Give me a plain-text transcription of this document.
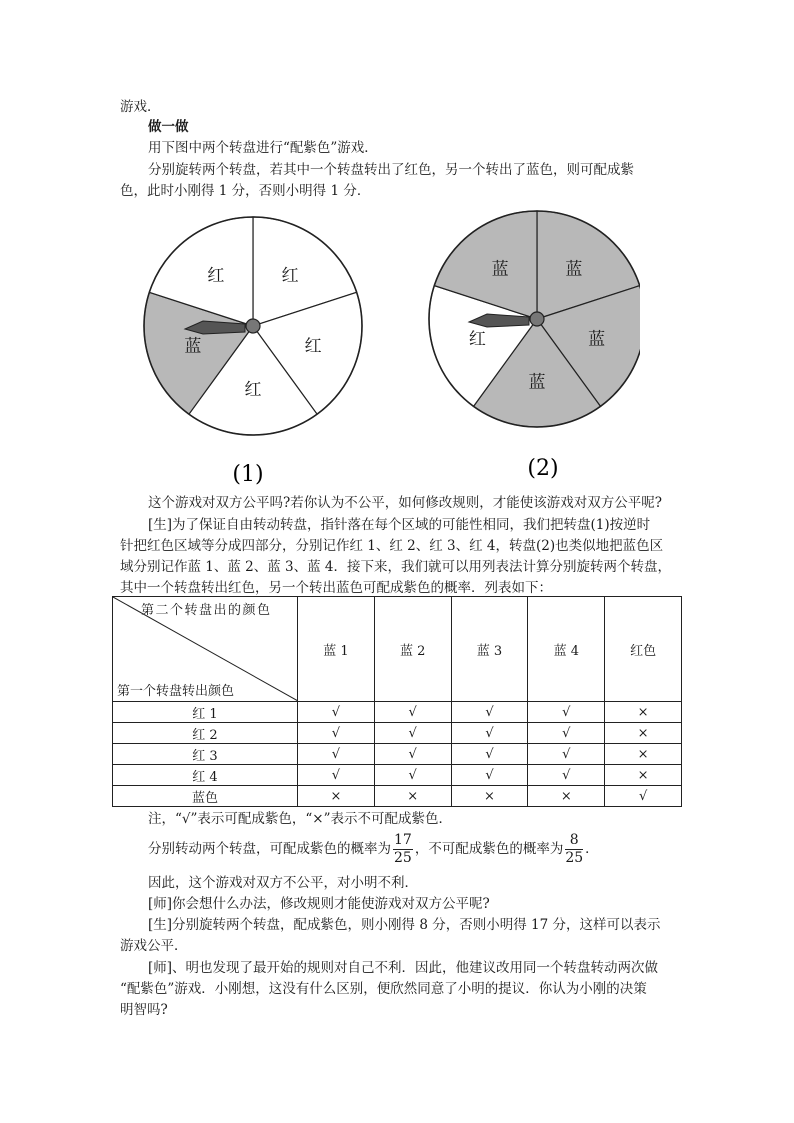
游戏．
做一做
用下图中两个转盘进行“配紫色”游戏．
分别旋转两个转盘，若其中一个转盘转出了红色，另一个转出了蓝色，则可配成紫
色，此时小刚得 1 分，否则小明得 1 分．
红
红
红
蓝
红	蓝
蓝
蓝
红
蓝
(1)	(2)
这个游戏对双方公平吗?若你认为不公平，如何修改规则，才能使该游戏对双方公平呢?
[生]为了保证自由转动转盘，指针落在每个区域的可能性相同，我们把转盘(1)按逆时
针把红色区域等分成四部分，分别记作红 1、红 2、红 3、红 4，转盘(2)也类似地把蓝色区
域分别记作蓝 1、蓝 2、蓝 3、蓝 4．接下来，我们就可以用列表法计算分别旋转两个转盘，
其中一个转盘转出红色，另一个转出蓝色可配成紫色的概率．列表如下：
第二个转盘出的颜色
第一个转盘转出颜色	蓝 1	蓝 2	蓝 3	蓝 4	红色
红 1	√	√	√	√	×
红 2	√	√	√	√	×
红 3	√	√	√	√	×
红 4	√	√	√	√	×
蓝色	×	×	×	×	√
注，“√”表示可配成紫色，“×”表示不可配成紫色．
分别转动两个转盘，可配成紫色的概率为 $\frac{17}{25}$ ，不可配成紫色的概率为 $\frac{8}{25}$ ．
因此，这个游戏对双方不公平，对小明不利．
[师]你会想什么办法，修改规则才能使游戏对双方公平呢?
[生]分别旋转两个转盘，配成紫色，则小刚得 8 分，否则小明得 17 分，这样可以表示
游戏公平．
[师]、明也发现了最开始的规则对自己不利．因此，他建议改用同一个转盘转动两次做
“配紫色”游戏．小刚想，这没有什么区别，便欣然同意了小明的提议．你认为小刚的决策
明智吗?
